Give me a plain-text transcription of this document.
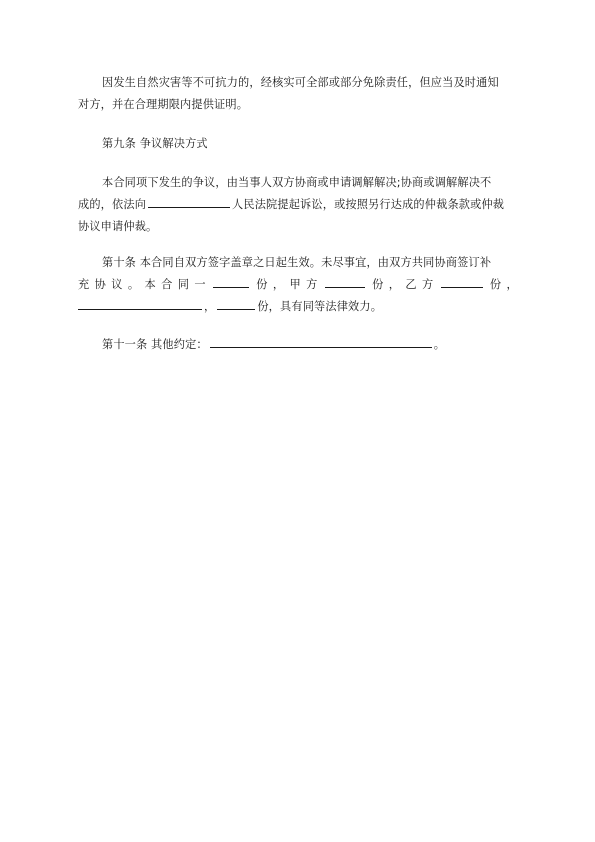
因发生自然灾害等不可抗力的，经核实可全部或部分免除责任，但应当及时通知
对方，并在合理期限内提供证明。
第九条 争议解决方式
本合同项下发生的争议，由当事人双方协商或申请调解解决;协商或调解解决不
成的，依法向	人民法院提起诉讼，或按照另行达成的仲裁条款或仲裁
协议申请仲裁。
第十条 本合同自双方签字盖章之日起生效。未尽事宜，由双方共同协商签订补
充 协 议 。 本 合 同 一	份 ， 甲 方	份 ， 乙 方	份 ，
，	份，具有同等法律效力。
第十一条 其他约定：	。
